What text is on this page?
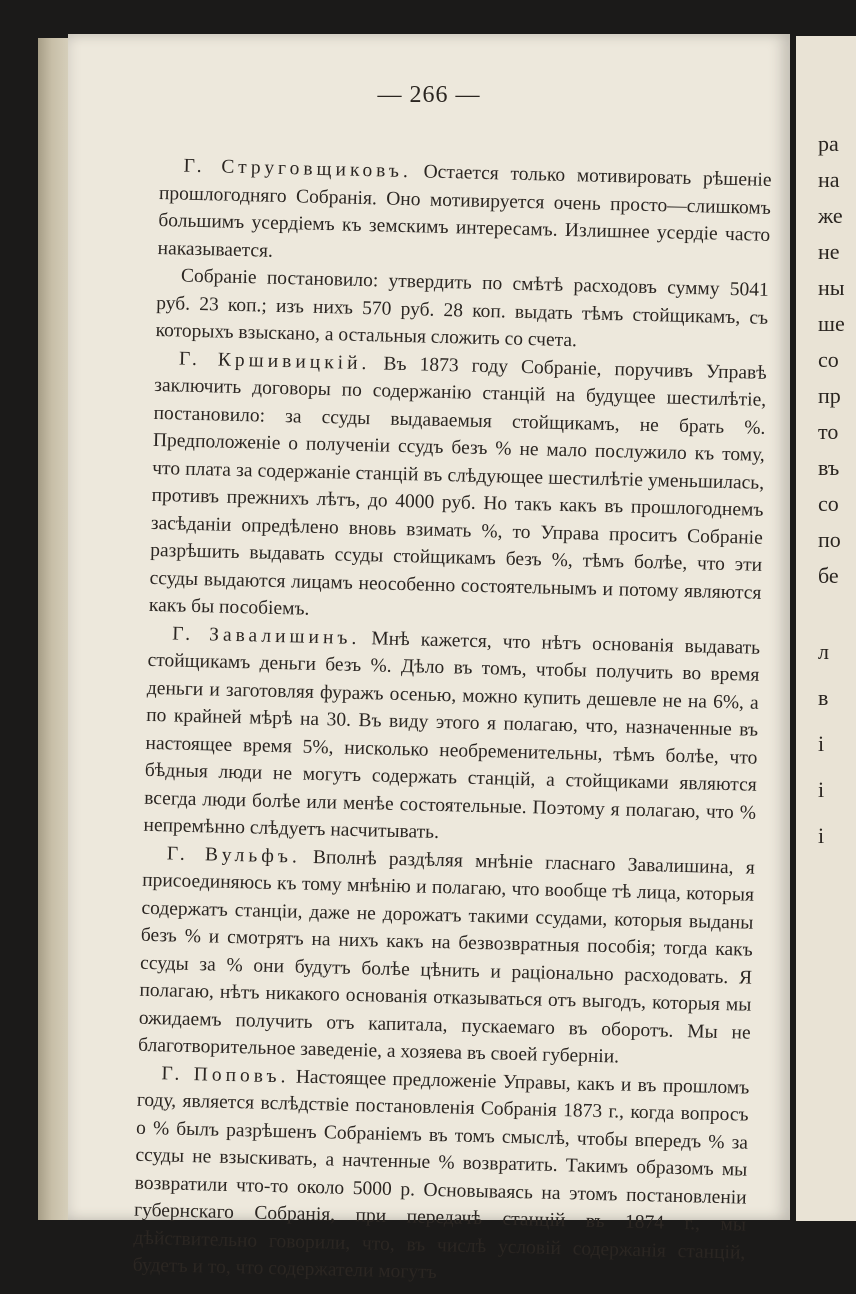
ра
на
же
не
ны
ше
со
пр
то
въ
со
по
бе
л
в
і
і
і
— 266 —

Г. Струговщиковъ. Остается только мотивировать рѣшеніе прошлогодняго Собранія. Оно мотивируется очень просто—слишкомъ большимъ усердіемъ къ земскимъ интересамъ. Излишнее усердіе часто наказывается.

Собраніе постановило: утвердить по смѣтѣ расходовъ сумму 5041 руб. 23 коп.; изъ нихъ 570 руб. 28 коп. выдать тѣмъ стойщикамъ, съ которыхъ взыскано, а остальныя сложить со счета.

Г. Кршивицкій. Въ 1873 году Собраніе, поручивъ Управѣ заключить договоры по содержанію станцій на будущее шестилѣтіе, постановило: за ссуды выдаваемыя стойщикамъ, не брать %. Предположеніе о полученіи ссудъ безъ % не мало послужило къ тому, что плата за содержаніе станцій въ слѣдующее шестилѣтіе уменьшилась, противъ прежнихъ лѣтъ, до 4000 руб. Но такъ какъ въ прошлогоднемъ засѣданіи опредѣлено вновь взимать %, то Управа проситъ Собраніе разрѣшить выдавать ссуды стойщикамъ безъ %, тѣмъ болѣе, что эти ссуды выдаются лицамъ неособенно состоятельнымъ и потому являются какъ бы пособіемъ.

Г. Завалишинъ. Мнѣ кажется, что нѣтъ основанія выдавать стойщикамъ деньги безъ %. Дѣло въ томъ, чтобы получить во время деньги и заготовляя фуражъ осенью, можно купить дешевле не на 6%, а по крайней мѣрѣ на 30. Въ виду этого я полагаю, что, назначенные въ настоящее время 5%, нисколько необременительны, тѣмъ болѣе, что бѣдныя люди не могутъ содержать станцій, а стойщиками являются всегда люди болѣе или менѣе состоятельные. Поэтому я полагаю, что % непремѣнно слѣдуетъ насчитывать.

Г. Вульфъ. Вполнѣ раздѣляя мнѣніе гласнаго Завалишина, я присоединяюсь къ тому мнѣнію и полагаю, что вообще тѣ лица, которыя содержатъ станціи, даже не дорожатъ такими ссудами, которыя выданы безъ % и смотрятъ на нихъ какъ на безвозвратныя пособія; тогда какъ ссуды за % они будутъ болѣе цѣнить и раціонально расходовать. Я полагаю, нѣтъ никакого основанія отказываться отъ выгодъ, которыя мы ожидаемъ получить отъ капитала, пускаемаго въ оборотъ. Мы не благотворительное заведеніе, а хозяева въ своей губерніи.

Г. Поповъ. Настоящее предложеніе Управы, какъ и въ прошломъ году, является вслѣдствіе постановленія Собранія 1873 г., когда вопросъ о % былъ разрѣшенъ Собраніемъ въ томъ смыслѣ, чтобы впередъ % за ссуды не взыскивать, а начтенные % возвратить. Такимъ образомъ мы возвратили что-то около 5000 р. Основываясь на этомъ постановленіи губернскаго Собранія, при передачѣ станцій въ 1874 г., мы дѣйствительно говорили, что, въ числѣ условій содержанія станцій, будетъ и то, что содержатели могутъ
